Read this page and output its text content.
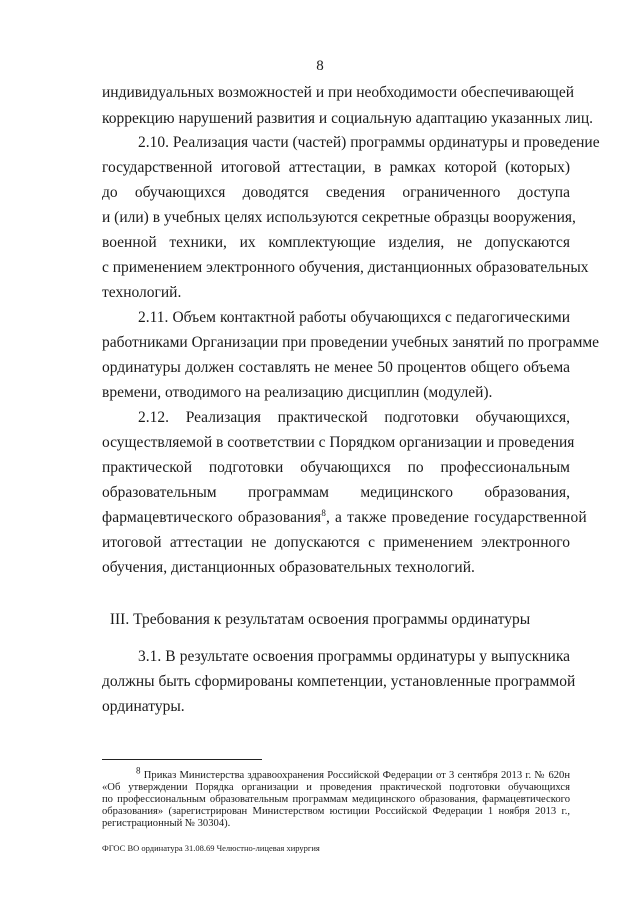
8
индивидуальных возможностей и при необходимости обеспечивающей
коррекцию нарушений развития и социальную адаптацию указанных лиц.
2.10. Реализация части (частей) программы ординатуры и проведение
государственной итоговой аттестации, в рамках которой (которых)
до обучающихся доводятся сведения ограниченного доступа
и (или) в учебных целях используются секретные образцы вооружения,
военной техники, их комплектующие изделия, не допускаются
с применением электронного обучения, дистанционных образовательных
технологий.
2.11. Объем контактной работы обучающихся с педагогическими
работниками Организации при проведении учебных занятий по программе
ординатуры должен составлять не менее 50 процентов общего объема
времени, отводимого на реализацию дисциплин (модулей).
2.12. Реализация практической подготовки обучающихся,
осуществляемой в соответствии с Порядком организации и проведения
практической подготовки обучающихся по профессиональным
образовательным программам медицинского образования,
фармацевтического образования$^8$, а также проведение государственной
итоговой аттестации не допускаются с применением электронного
обучения, дистанционных образовательных технологий.
III. Требования к результатам освоения программы ординатуры
3.1. В результате освоения программы ординатуры у выпускника
должны быть сформированы компетенции, установленные программой
ординатуры.
$^8$ Приказ Министерства здравоохранения Российской Федерации от 3 сентября 2013 г. № 620н
«Об утверждении Порядка организации и проведения практической подготовки обучающихся
по профессиональным образовательным программам медицинского образования, фармацевтического
образования» (зарегистрирован Министерством юстиции Российской Федерации 1 ноября 2013 г.,
регистрационный № 30304).
ФГОС ВО ординатура 31.08.69 Челюстно-лицевая хирургия
